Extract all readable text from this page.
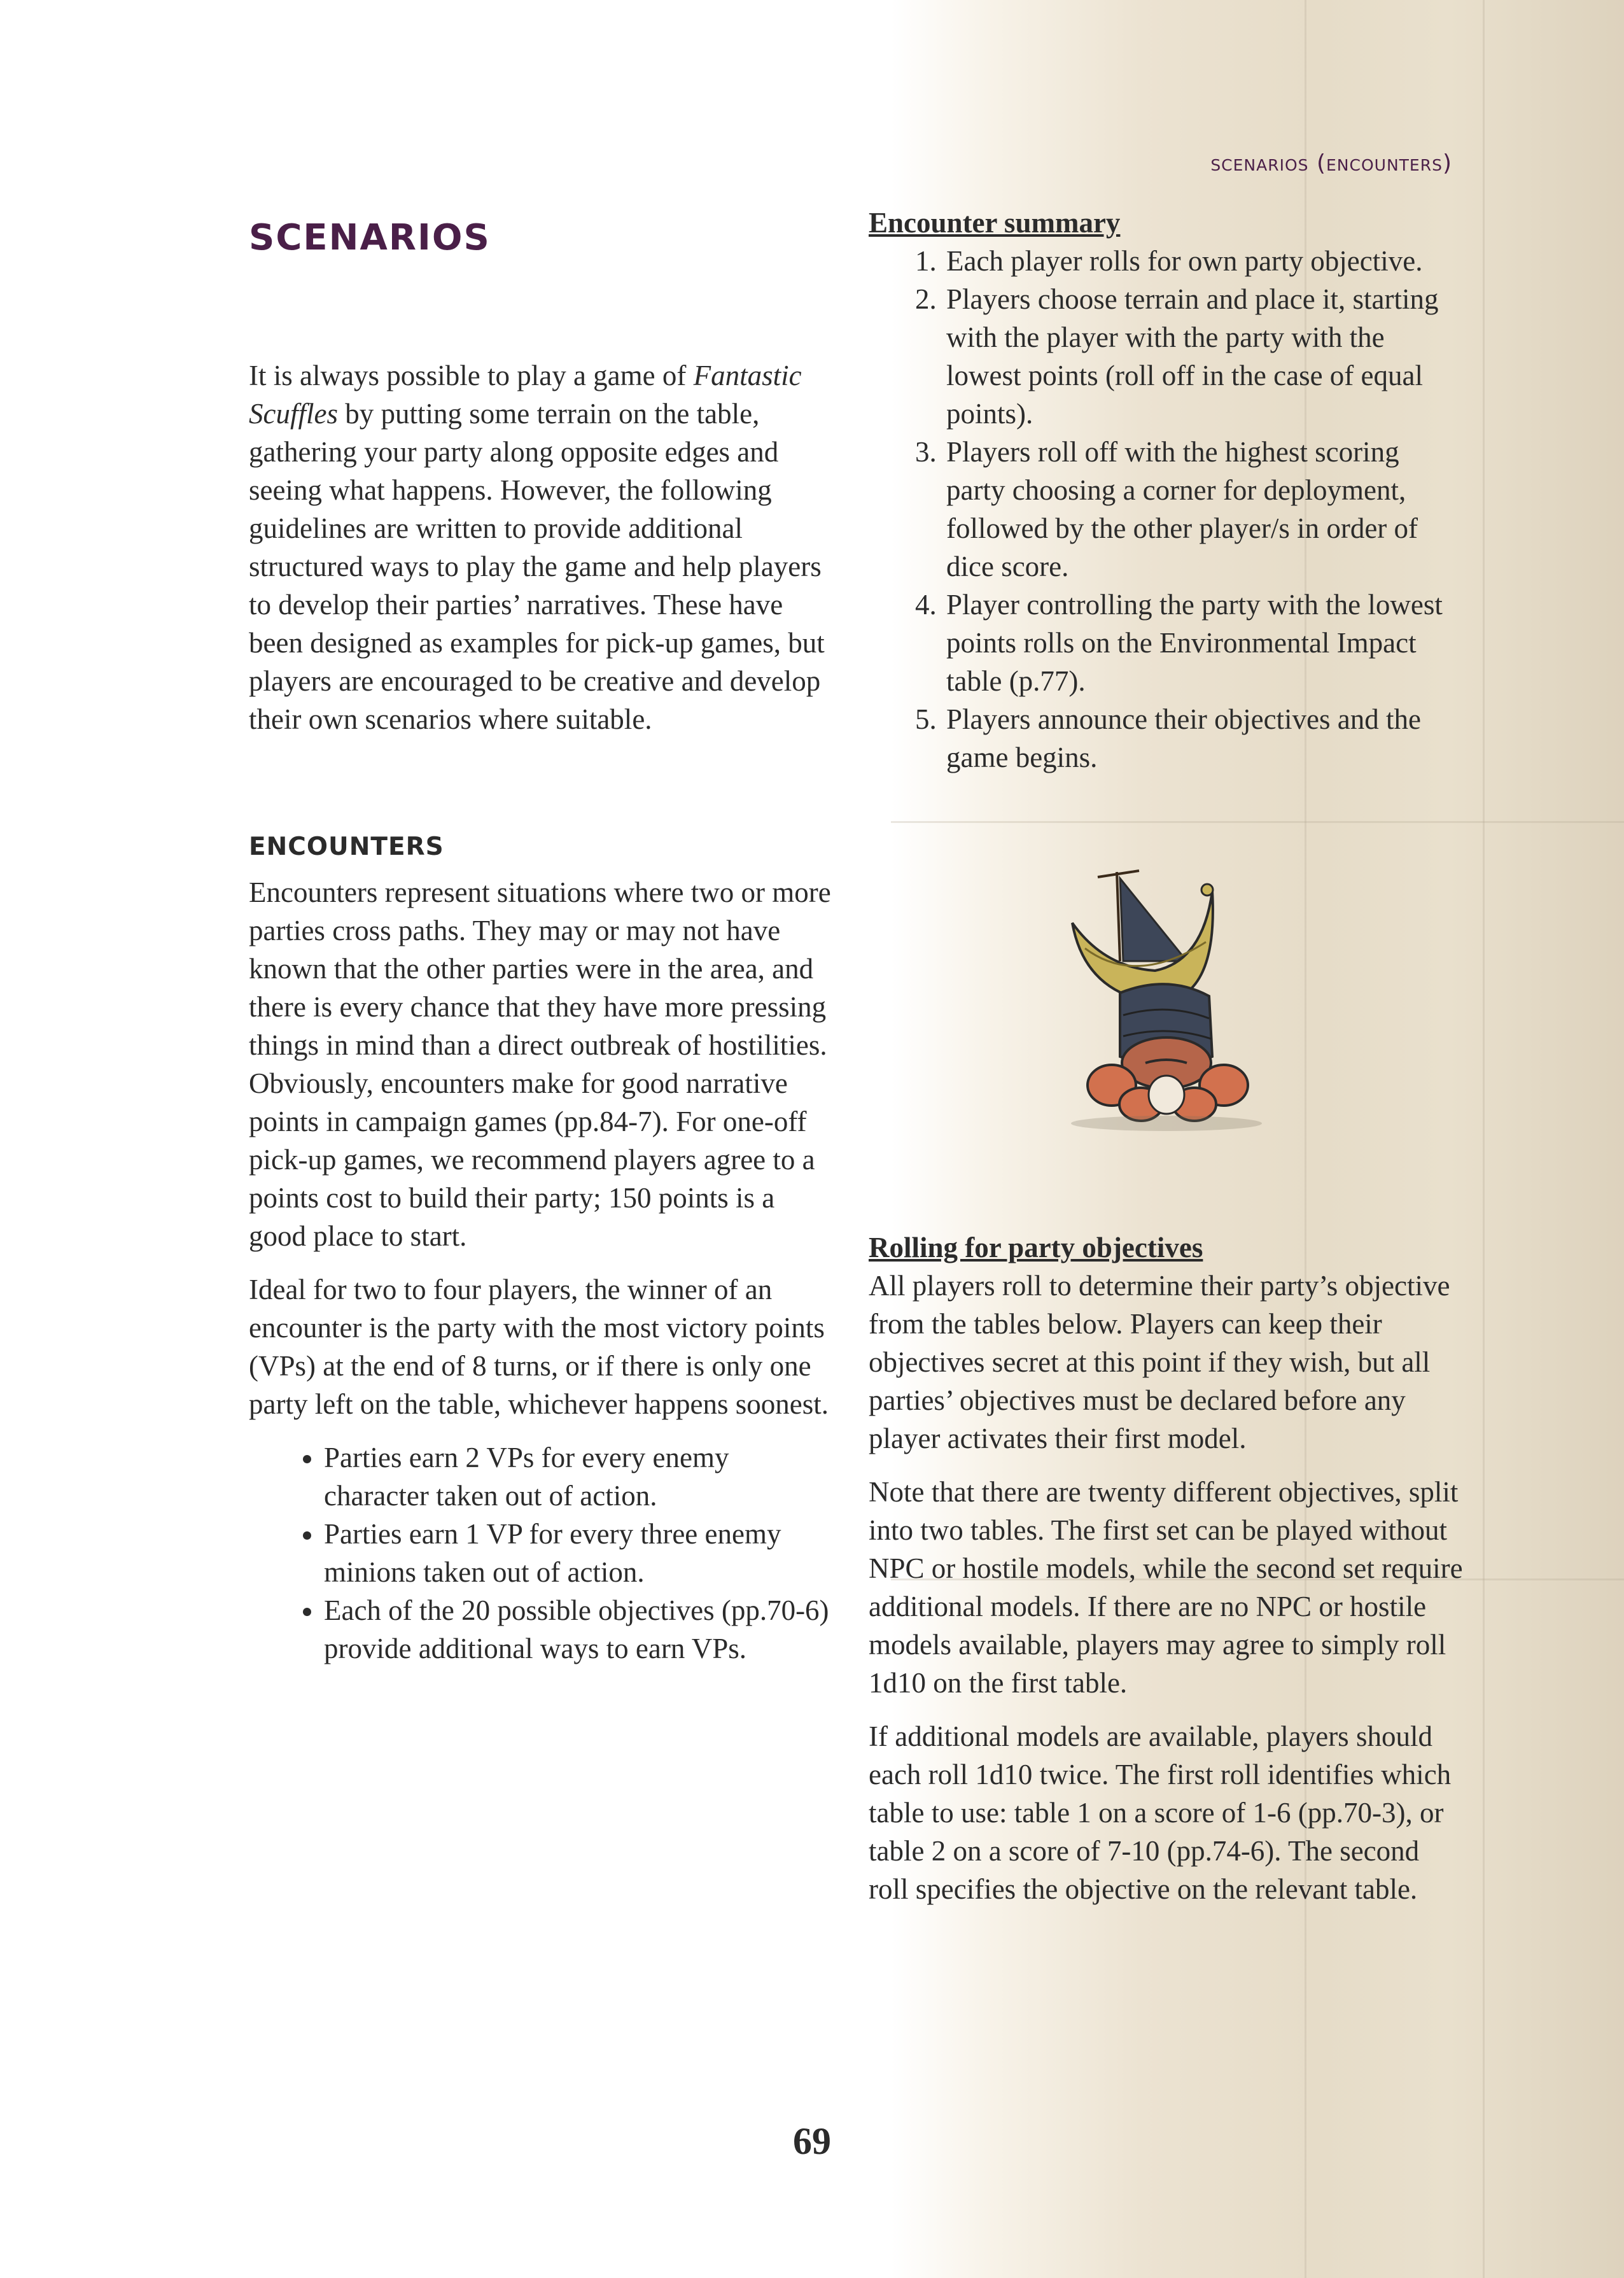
scenarios (encounters)
scenarios

It is always possible to play a game of Fantastic Scuffles by putting some terrain on the table, gathering your party along opposite edges and seeing what happens. However, the following guidelines are written to provide additional structured ways to play the game and help players to develop their parties’ narratives. These have been designed as examples for pick-up games, but players are encouraged to be creative and develop their own scenarios where suitable.

encounters

Encounters represent situations where two or more parties cross paths. They may or may not have known that the other parties were in the area, and there is every chance that they have more pressing things in mind than a direct outbreak of hostilities. Obviously, encounters make for good narrative points in campaign games (pp.84-7). For one-off pick-up games, we recommend players agree to a points cost to build their party; 150 points is a good place to start.

Ideal for two to four players, the winner of an encounter is the party with the most victory points (VPs) at the end of 8 turns, or if there is only one party left on the table, whichever happens soonest.

• Parties earn 2 VPs for every enemy character taken out of action.
• Parties earn 1 VP for every three enemy minions taken out of action.
• Each of the 20 possible objectives (pp.70-6) provide additional ways to earn VPs.

Encounter summary

1. Each player rolls for own party objective.
2. Players choose terrain and place it, starting with the player with the party with the lowest points (roll off in the case of equal points).
3. Players roll off with the highest scoring party choosing a corner for deployment, followed by the other player/s in order of dice score.
4. Player controlling the party with the lowest points rolls on the Environmental Impact table (p.77).
5. Players announce their objectives and the game begins.

Rolling for party objectives

All players roll to determine their party’s objective from the tables below. Players can keep their objectives secret at this point if they wish, but all parties’ objectives must be declared before any player activates their first model.

Note that there are twenty different objectives, split into two tables. The first set can be played without NPC or hostile models, while the second set require additional models. If there are no NPC or hostile models available, players may agree to simply roll 1d10 on the first table.

If additional models are available, players should each roll 1d10 twice. The first roll identifies which table to use: table 1 on a score of 1-6 (pp.70-3), or table 2 on a score of 7-10 (pp.74-6). The second roll specifies the objective on the relevant table.

69
